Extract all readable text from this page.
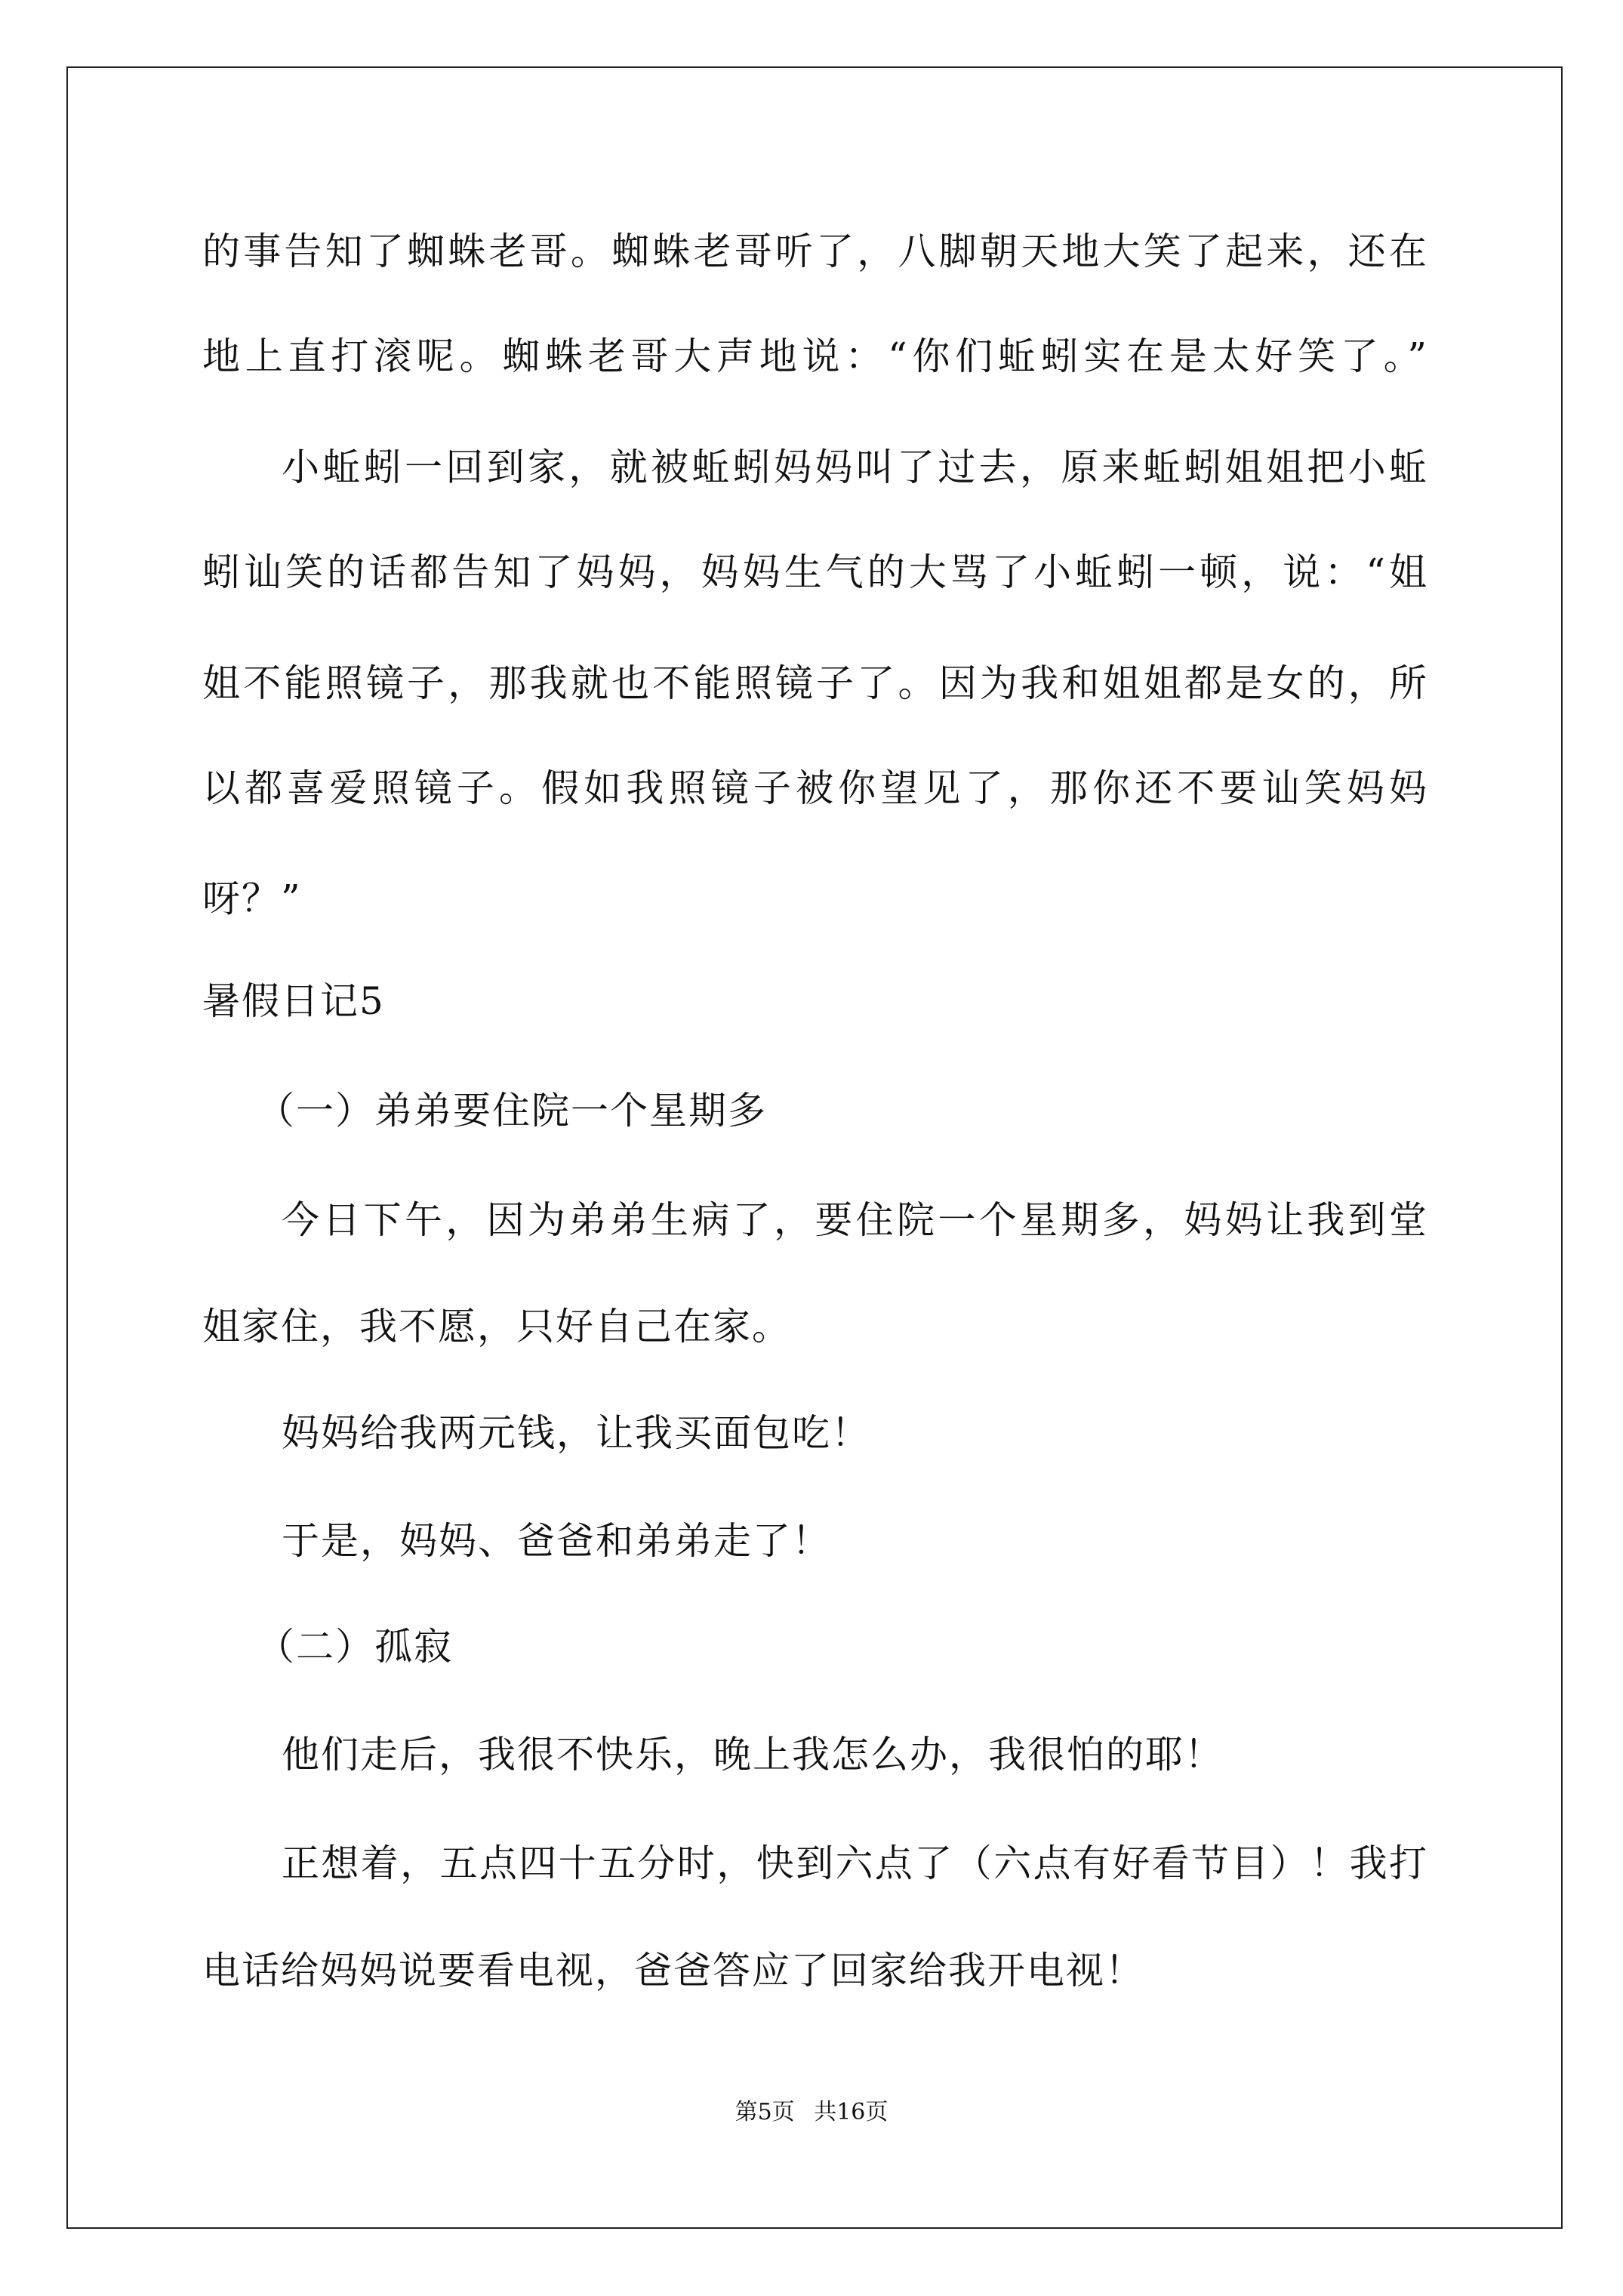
的事告知了蜘蛛老哥。蜘蛛老哥听了，八脚朝天地大笑了起来，还在
地上直打滚呢。蜘蛛老哥大声地说：“你们蚯蚓实在是太好笑了。”
小蚯蚓一回到家，就被蚯蚓妈妈叫了过去，原来蚯蚓姐姐把小蚯
蚓讪笑的话都告知了妈妈，妈妈生气的大骂了小蚯蚓一顿，说：“姐
姐不能照镜子，那我就也不能照镜子了。因为我和姐姐都是女的，所
以都喜爱照镜子。假如我照镜子被你望见了，那你还不要讪笑妈妈
呀？”
暑假日记5
（一）弟弟要住院一个星期多
今日下午，因为弟弟生病了，要住院一个星期多，妈妈让我到堂
姐家住，我不愿，只好自己在家。
妈妈给我两元钱，让我买面包吃！
于是，妈妈、爸爸和弟弟走了！
（二）孤寂
他们走后，我很不快乐，晚上我怎么办，我很怕的耶！
正想着，五点四十五分时，快到六点了（六点有好看节目）！我打
电话给妈妈说要看电视，爸爸答应了回家给我开电视！
第5页 共16页
